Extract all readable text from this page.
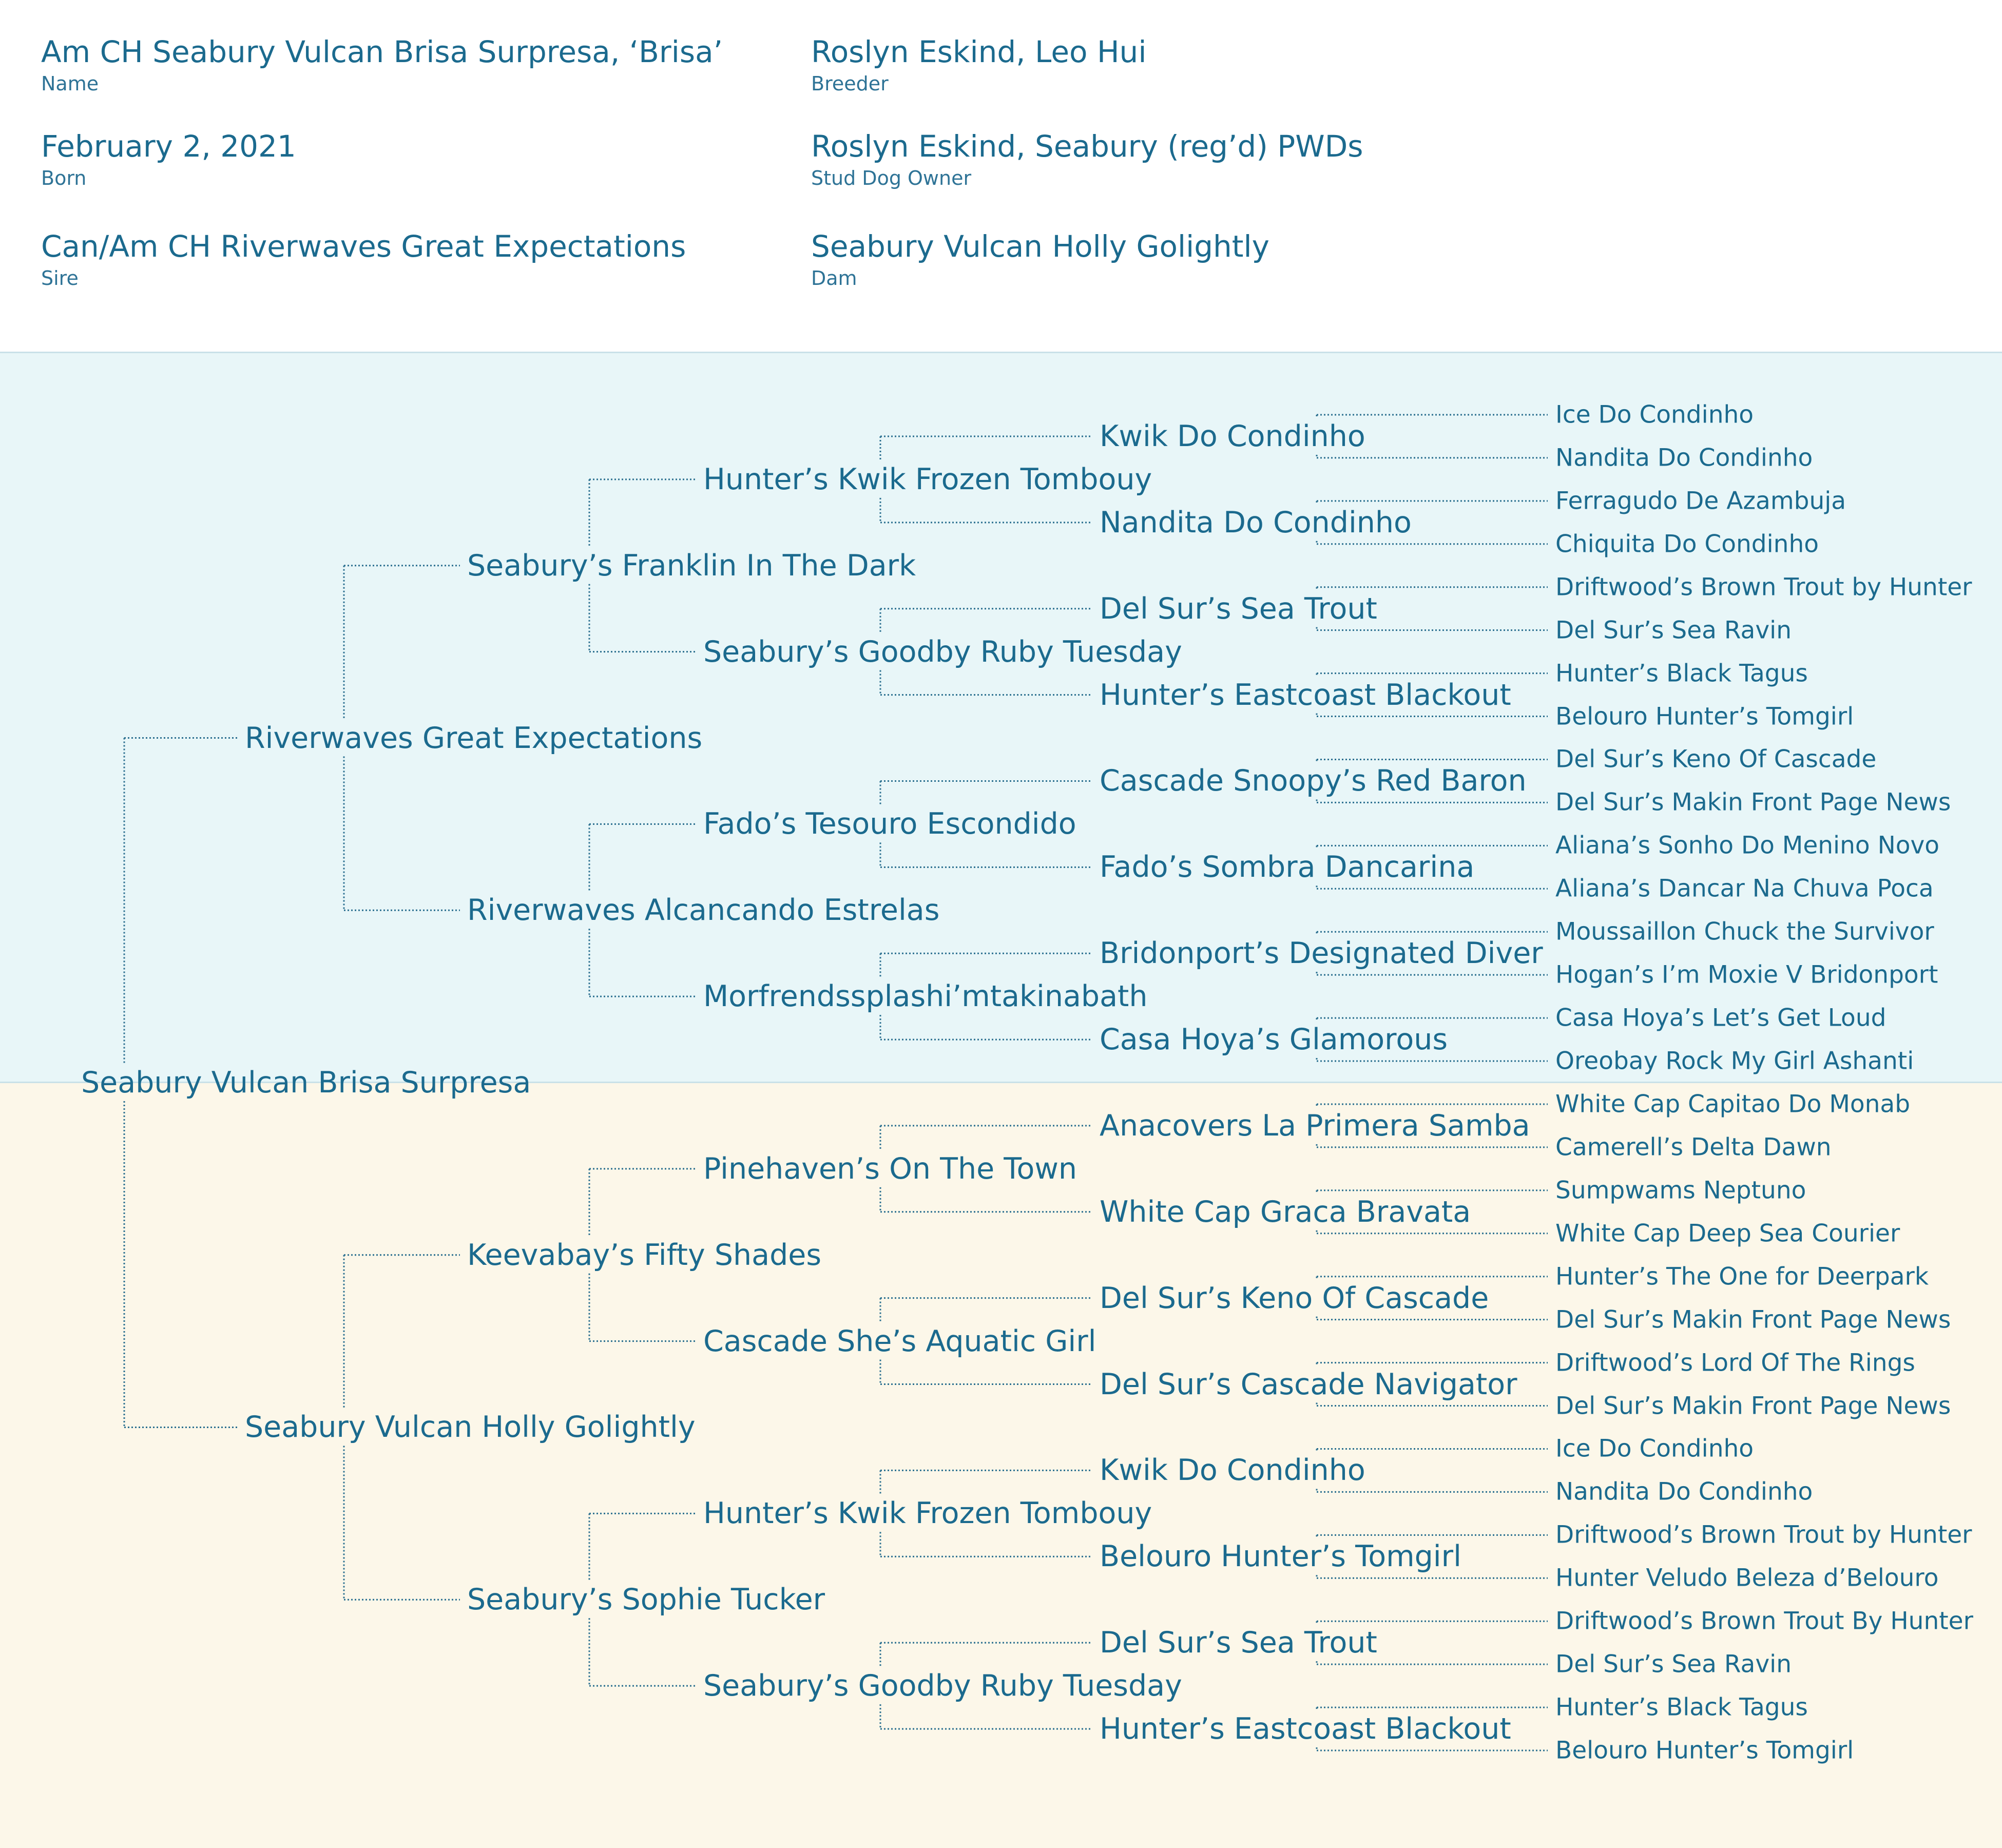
Am CH Seabury Vulcan Brisa Surpresa, ‘Brisa’
Name
Roslyn Eskind, Leo Hui
Breeder
February 2, 2021
Born
Roslyn Eskind, Seabury (reg’d) PWDs
Stud Dog Owner
Can/Am CH Riverwaves Great Expectations
Sire
Seabury Vulcan Holly Golightly
Dam
Seabury Vulcan Brisa Surpresa
Riverwaves Great Expectations
Seabury’s Franklin In The Dark
Hunter’s Kwik Frozen Tombouy
Kwik Do Condinho
Ice Do Condinho
Nandita Do Condinho
Nandita Do Condinho
Ferragudo De Azambuja
Chiquita Do Condinho
Seabury’s Goodby Ruby Tuesday
Del Sur’s Sea Trout
Driftwood’s Brown Trout by Hunter
Del Sur’s Sea Ravin
Hunter’s Eastcoast Blackout
Hunter’s Black Tagus
Belouro Hunter’s Tomgirl
Riverwaves Alcancando Estrelas
Fado’s Tesouro Escondido
Cascade Snoopy’s Red Baron
Del Sur’s Keno Of Cascade
Del Sur’s Makin Front Page News
Fado’s Sombra Dancarina
Aliana’s Sonho Do Menino Novo
Aliana’s Dancar Na Chuva Poca
Morfrendssplashi’mtakinabath
Bridonport’s Designated Diver
Moussaillon Chuck the Survivor
Hogan’s I’m Moxie V Bridonport
Casa Hoya’s Glamorous
Casa Hoya’s Let’s Get Loud
Oreobay Rock My Girl Ashanti
Seabury Vulcan Holly Golightly
Keevabay’s Fifty Shades
Pinehaven’s On The Town
Anacovers La Primera Samba
White Cap Capitao Do Monab
Camerell’s Delta Dawn
White Cap Graca Bravata
Sumpwams Neptuno
White Cap Deep Sea Courier
Cascade She’s Aquatic Girl
Del Sur’s Keno Of Cascade
Hunter’s The One for Deerpark
Del Sur’s Makin Front Page News
Del Sur’s Cascade Navigator
Driftwood’s Lord Of The Rings
Del Sur’s Makin Front Page News
Seabury’s Sophie Tucker
Hunter’s Kwik Frozen Tombouy
Kwik Do Condinho
Ice Do Condinho
Nandita Do Condinho
Belouro Hunter’s Tomgirl
Driftwood’s Brown Trout by Hunter
Hunter Veludo Beleza d’Belouro
Seabury’s Goodby Ruby Tuesday
Del Sur’s Sea Trout
Driftwood’s Brown Trout By Hunter
Del Sur’s Sea Ravin
Hunter’s Eastcoast Blackout
Hunter’s Black Tagus
Belouro Hunter’s Tomgirl
